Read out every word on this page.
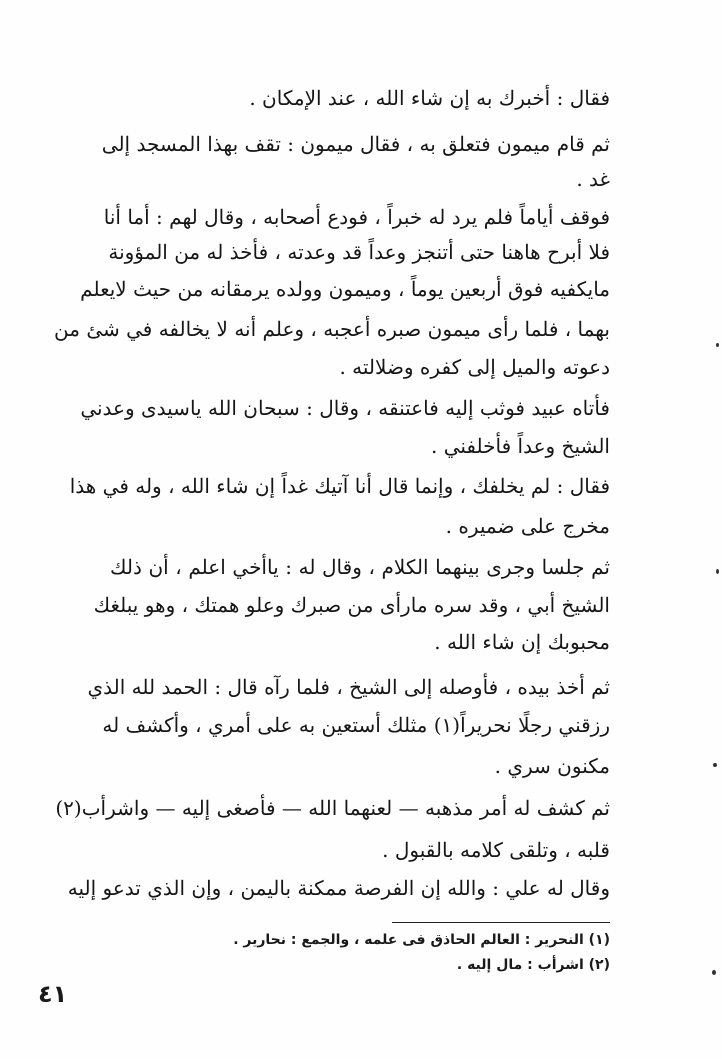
فقال : أخبرك به إن شاء الله ، عند الإمكان .
ثم قام ميمون فتعلق به ، فقال ميمون : تقف بهذا المسجد إلى
غد .
فوقف أياماً فلم يرد له خبراً ، فودع أصحابه ، وقال لهم : أما أنا
فلا أبرح هاهنا حتى أتنجز وعداً قد وعدته ، فأخذ له من المؤونة
مايكفيه فوق أربعين يوماً ، وميمون وولده يرمقانه من حيث لايعلم
بهما ، فلما رأى ميمون صبره أعجبه ، وعلم أنه لا يخالفه في شئ من
دعوته والميل إلى كفره وضلالته .
فأتاه عبيد فوثب إليه فاعتنقه ، وقال : سبحان الله ياسيدى وعدني
الشيخ وعداً فأخلفني .
فقال : لم يخلفك ، وإنما قال أنا آتيك غداً إن شاء الله ، وله في هذا
مخرج على ضميره .
ثم جلسا وجرى بينهما الكلام ، وقال له : ياأخي اعلم ، أن ذلك
الشيخ أبي ، وقد سره مارأى من صبرك وعلو همتك ، وهو يبلغك
محبوبك إن شاء الله .
ثم أخذ بيده ، فأوصله إلى الشيخ ، فلما رآه قال : الحمد لله الذي
رزقني رجلًا نحريراً(١) مثلك أستعين به على أمري ، وأكشف له
مكنون سري .
ثم كشف له أمر مذهبه — لعنهما الله — فأصغى إليه — واشرأب(٢)
قلبه ، وتلقى كلامه بالقبول .
وقال له علي : والله إن الفرصة ممكنة باليمن ، وإن الذي تدعو إليه
(١) النحرير : العالم الحاذق فى علمه ، والجمع : نحارير .
(٢) اشرأب : مال إليه .
٤١
